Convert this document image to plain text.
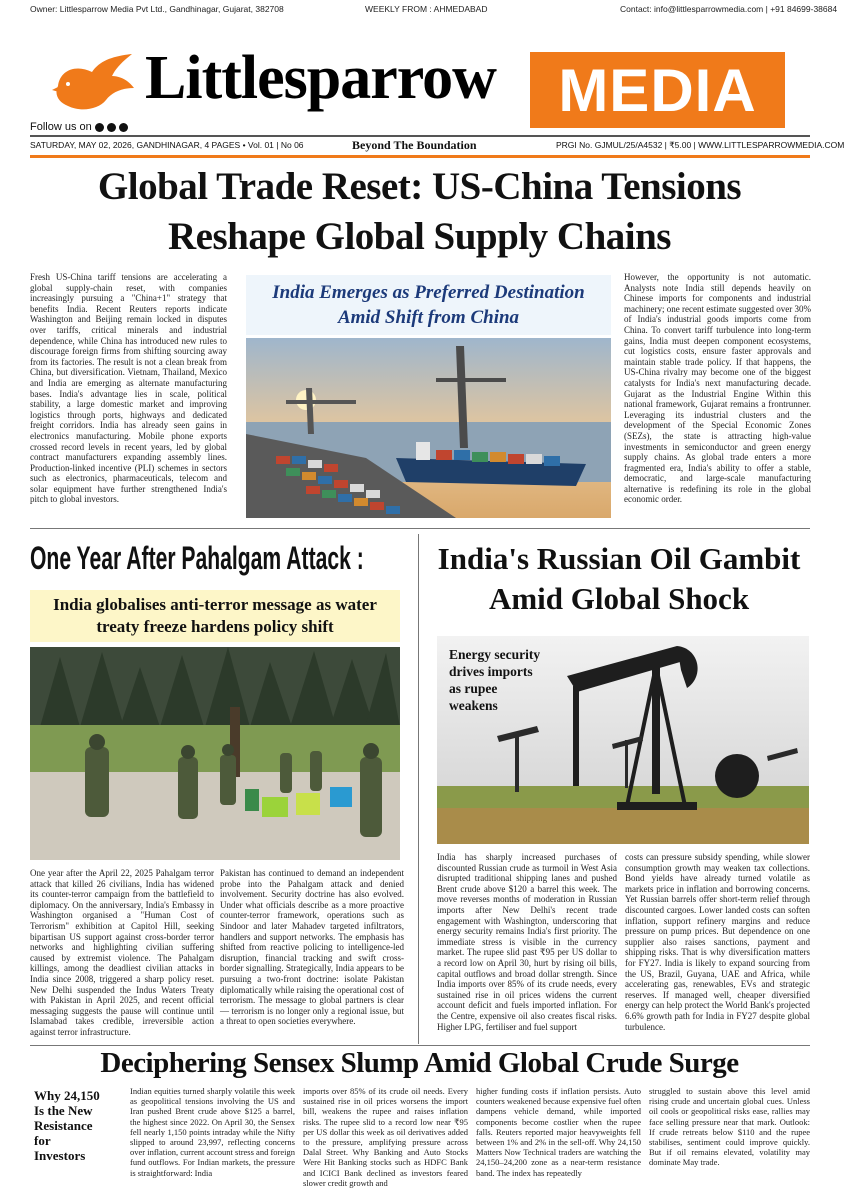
Owner: Littlesparrow Media Pvt Ltd., Gandhinagar, Gujarat, 382708	WEEKLY FROM : AHMEDABAD	Contact: info@littlesparrowmedia.com | +91 84699-38684
Littlesparrow	MEDIA
Follow us on
SATURDAY, MAY 02, 2026, GANDHINAGAR, 4 PAGES • Vol. 01 | No 06	Beyond The Boundation	PRGI No. GJMUL/25/A4532 | ₹5.00 | WWW.LITTLESPARROWMEDIA.COM
Global Trade Reset: US-China Tensions
Reshape Global Supply Chains
Fresh US-China tariff tensions are accelerating a global supply-chain reset, with companies increasingly pursuing a "China+1" strategy that benefits India. Recent Reuters reports indicate Washington and Beijing remain locked in disputes over tariffs, critical minerals and industrial dependence, while China has introduced new rules to discourage foreign firms from shifting sourcing away from its factories. The result is not a clean break from China, but diversification. Vietnam, Thailand, Mexico and India are emerging as alternate manufacturing bases. India's advantage lies in scale, political stability, a large domestic market and improving logistics through ports, highways and dedicated freight corridors. India has already seen gains in electronics manufacturing. Mobile phone exports crossed record levels in recent years, led by global contract manufacturers expanding assembly lines. Production-linked incentive (PLI) schemes in sectors such as electronics, pharmaceuticals, telecom and solar equipment have further strengthened India's pitch to global investors.
India Emerges as Preferred Destination
Amid Shift from China
However, the opportunity is not automatic. Analysts note India still depends heavily on Chinese imports for components and industrial machinery; one recent estimate suggested over 30% of India's industrial goods imports come from China. To convert tariff turbulence into long-term gains, India must deepen component ecosystems, cut logistics costs, ensure faster approvals and maintain stable trade policy. If that happens, the US-China rivalry may become one of the biggest catalysts for India's next manufacturing decade. Gujarat as the Industrial Engine Within this national framework, Gujarat remains a frontrunner. Leveraging its industrial clusters and the development of the Special Economic Zones (SEZs), the state is attracting high-value investments in semiconductor and green energy supply chains. As global trade enters a more fragmented era, India's ability to offer a stable, democratic, and large-scale manufacturing alternative is redefining its role in the global economic order.
One Year After Pahalgam Attack :
India globalises anti-terror message as water
treaty freeze hardens policy shift
One year after the April 22, 2025 Pahalgam terror attack that killed 26 civilians, India has widened its counter-terror campaign from the battlefield to diplomacy. On the anniversary, India's Embassy in Washington organised a "Human Cost of Terrorism" exhibition at Capitol Hill, seeking bipartisan US support against cross-border terror networks and highlighting civilian suffering caused by extremist violence. The Pahalgam killings, among the deadliest civilian attacks in India since 2008, triggered a sharp policy reset. New Delhi suspended the Indus Waters Treaty with Pakistan in April 2025, and recent official messaging suggests the pause will continue until Islamabad takes credible, irreversible action against terror infrastructure.
Pakistan has continued to demand an independent probe into the Pahalgam attack and denied involvement. Security doctrine has also evolved. Under what officials describe as a more proactive counter-terror framework, operations such as Sindoor and later Mahadev targeted infiltrators, handlers and support networks. The emphasis has shifted from reactive policing to intelligence-led disruption, financial tracking and swift cross-border signalling. Strategically, India appears to be pursuing a two-front doctrine: isolate Pakistan diplomatically while raising the operational cost of terrorism. The message to global partners is clear — terrorism is no longer only a regional issue, but a threat to open societies everywhere.
India's Russian Oil Gambit
Amid Global Shock
Energy security
drives imports
as rupee
weakens
India has sharply increased purchases of discounted Russian crude as turmoil in West Asia disrupted traditional shipping lanes and pushed Brent crude above $120 a barrel this week. The move reverses months of moderation in Russian imports after New Delhi's recent trade engagement with Washington, underscoring that energy security remains India's first priority. The immediate stress is visible in the currency market. The rupee slid past ₹95 per US dollar to a record low on April 30, hurt by rising oil bills, capital outflows and broad dollar strength. Since India imports over 85% of its crude needs, every sustained rise in oil prices widens the current account deficit and fuels imported inflation. For the Centre, expensive oil also creates fiscal risks. Higher LPG, fertiliser and fuel support
costs can pressure subsidy spending, while slower consumption growth may weaken tax collections. Bond yields have already turned volatile as markets price in inflation and borrowing concerns. Yet Russian barrels offer short-term relief through discounted cargoes. Lower landed costs can soften inflation, support refinery margins and reduce pressure on pump prices. But dependence on one supplier also raises sanctions, payment and shipping risks. That is why diversification matters for FY27. India is likely to expand sourcing from the US, Brazil, Guyana, UAE and Africa, while accelerating gas, renewables, EVs and strategic reserves. If managed well, cheaper diversified energy can help protect the World Bank's projected 6.6% growth path for India in FY27 despite global turbulence.
Deciphering Sensex Slump Amid Global Crude Surge
Why 24,150
Is the New
Resistance
for
Investors
Indian equities turned sharply volatile this week as geopolitical tensions involving the US and Iran pushed Brent crude above $125 a barrel, the highest since 2022. On April 30, the Sensex fell nearly 1,150 points intraday while the Nifty slipped to around 23,997, reflecting concerns over inflation, current account stress and foreign fund outflows. For Indian markets, the pressure is straightforward: India
imports over 85% of its crude oil needs. Every sustained rise in oil prices worsens the import bill, weakens the rupee and raises inflation risks. The rupee slid to a record low near ₹95 per US dollar this week as oil derivatives added to the pressure, amplifying pressure across Dalal Street. Why Banking and Auto Stocks Were Hit Banking stocks such as HDFC Bank and ICICI Bank declined as investors feared slower credit growth and
higher funding costs if inflation persists. Auto counters weakened because expensive fuel often dampens vehicle demand, while imported components become costlier when the rupee falls. Reuters reported major heavyweights fell between 1% and 2% in the sell-off. Why 24,150 Matters Now Technical traders are watching the 24,150–24,200 zone as a near-term resistance band. The index has repeatedly
struggled to sustain above this level amid rising crude and uncertain global cues. Unless oil cools or geopolitical risks ease, rallies may face selling pressure near that mark. Outlook: If crude retreats below $110 and the rupee stabilises, sentiment could improve quickly. But if oil remains elevated, volatility may dominate May trade.
